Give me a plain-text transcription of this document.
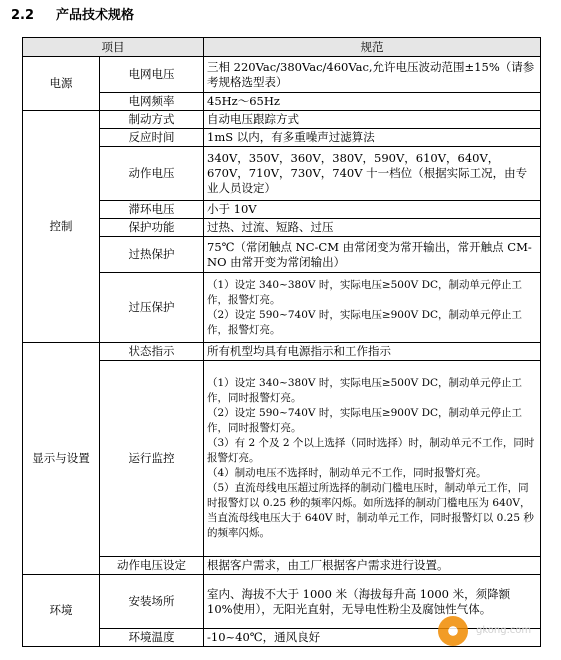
2.2 产品技术规格
项目		规范
电源	电网电压	三相 220Vac/380Vac/460Vac,允许电压波动范围±15%（请参考规格选型表）
	电网频率	45Hz～65Hz
控制	制动方式	自动电压跟踪方式
	反应时间	1mS 以内，有多重噪声过滤算法
	动作电压	340V，350V，360V，380V，590V，610V，640V，670V，710V，730V，740V 十一档位（根据实际工况，由专业人员设定）
	滞环电压	小于 10V
	保护功能	过热、过流、短路、过压
	过热保护	75℃（常闭触点 NC-CM 由常闭变为常开输出，常开触点 CM-NO 由常开变为常闭输出）
	过压保护	（1）设定 340~380V 时，实际电压≥500V DC，制动单元停止工作，报警灯亮。
（2）设定 590~740V 时，实际电压≥900V DC，制动单元停止工作，报警灯亮。

显示与设置	状态指示	所有机型均具有电源指示和工作指示
	运行监控	（1）设定 340~380V 时，实际电压≥500V DC，制动单元停止工作，同时报警灯亮。
（2）设定 590~740V 时，实际电压≥900V DC，制动单元停止工作，同时报警灯亮。
（3）有 2 个及 2 个以上选择（同时选择）时，制动单元不工作，同时报警灯亮。
（4）制动电压不选择时，制动单元不工作，同时报警灯亮。
（5）直流母线电压超过所选择的制动门槛电压时，制动单元工作，同时报警灯以 0.25 秒的频率闪烁。如所选择的制动门槛电压为 640V，当直流母线电压大于 640V 时，制动单元工作，同时报警灯以 0.25 秒的频率闪烁。

	动作电压设定	根据客户需求，由工厂根据客户需求进行设置。
环境	安装场所	室内、海拔不大于 1000 米（海拔每升高 1000 米，须降额 10%使用），无阳光直射，无导电性粉尘及腐蚀性气体。
	环境温度	-10~40℃，通风良好	gkong.com
